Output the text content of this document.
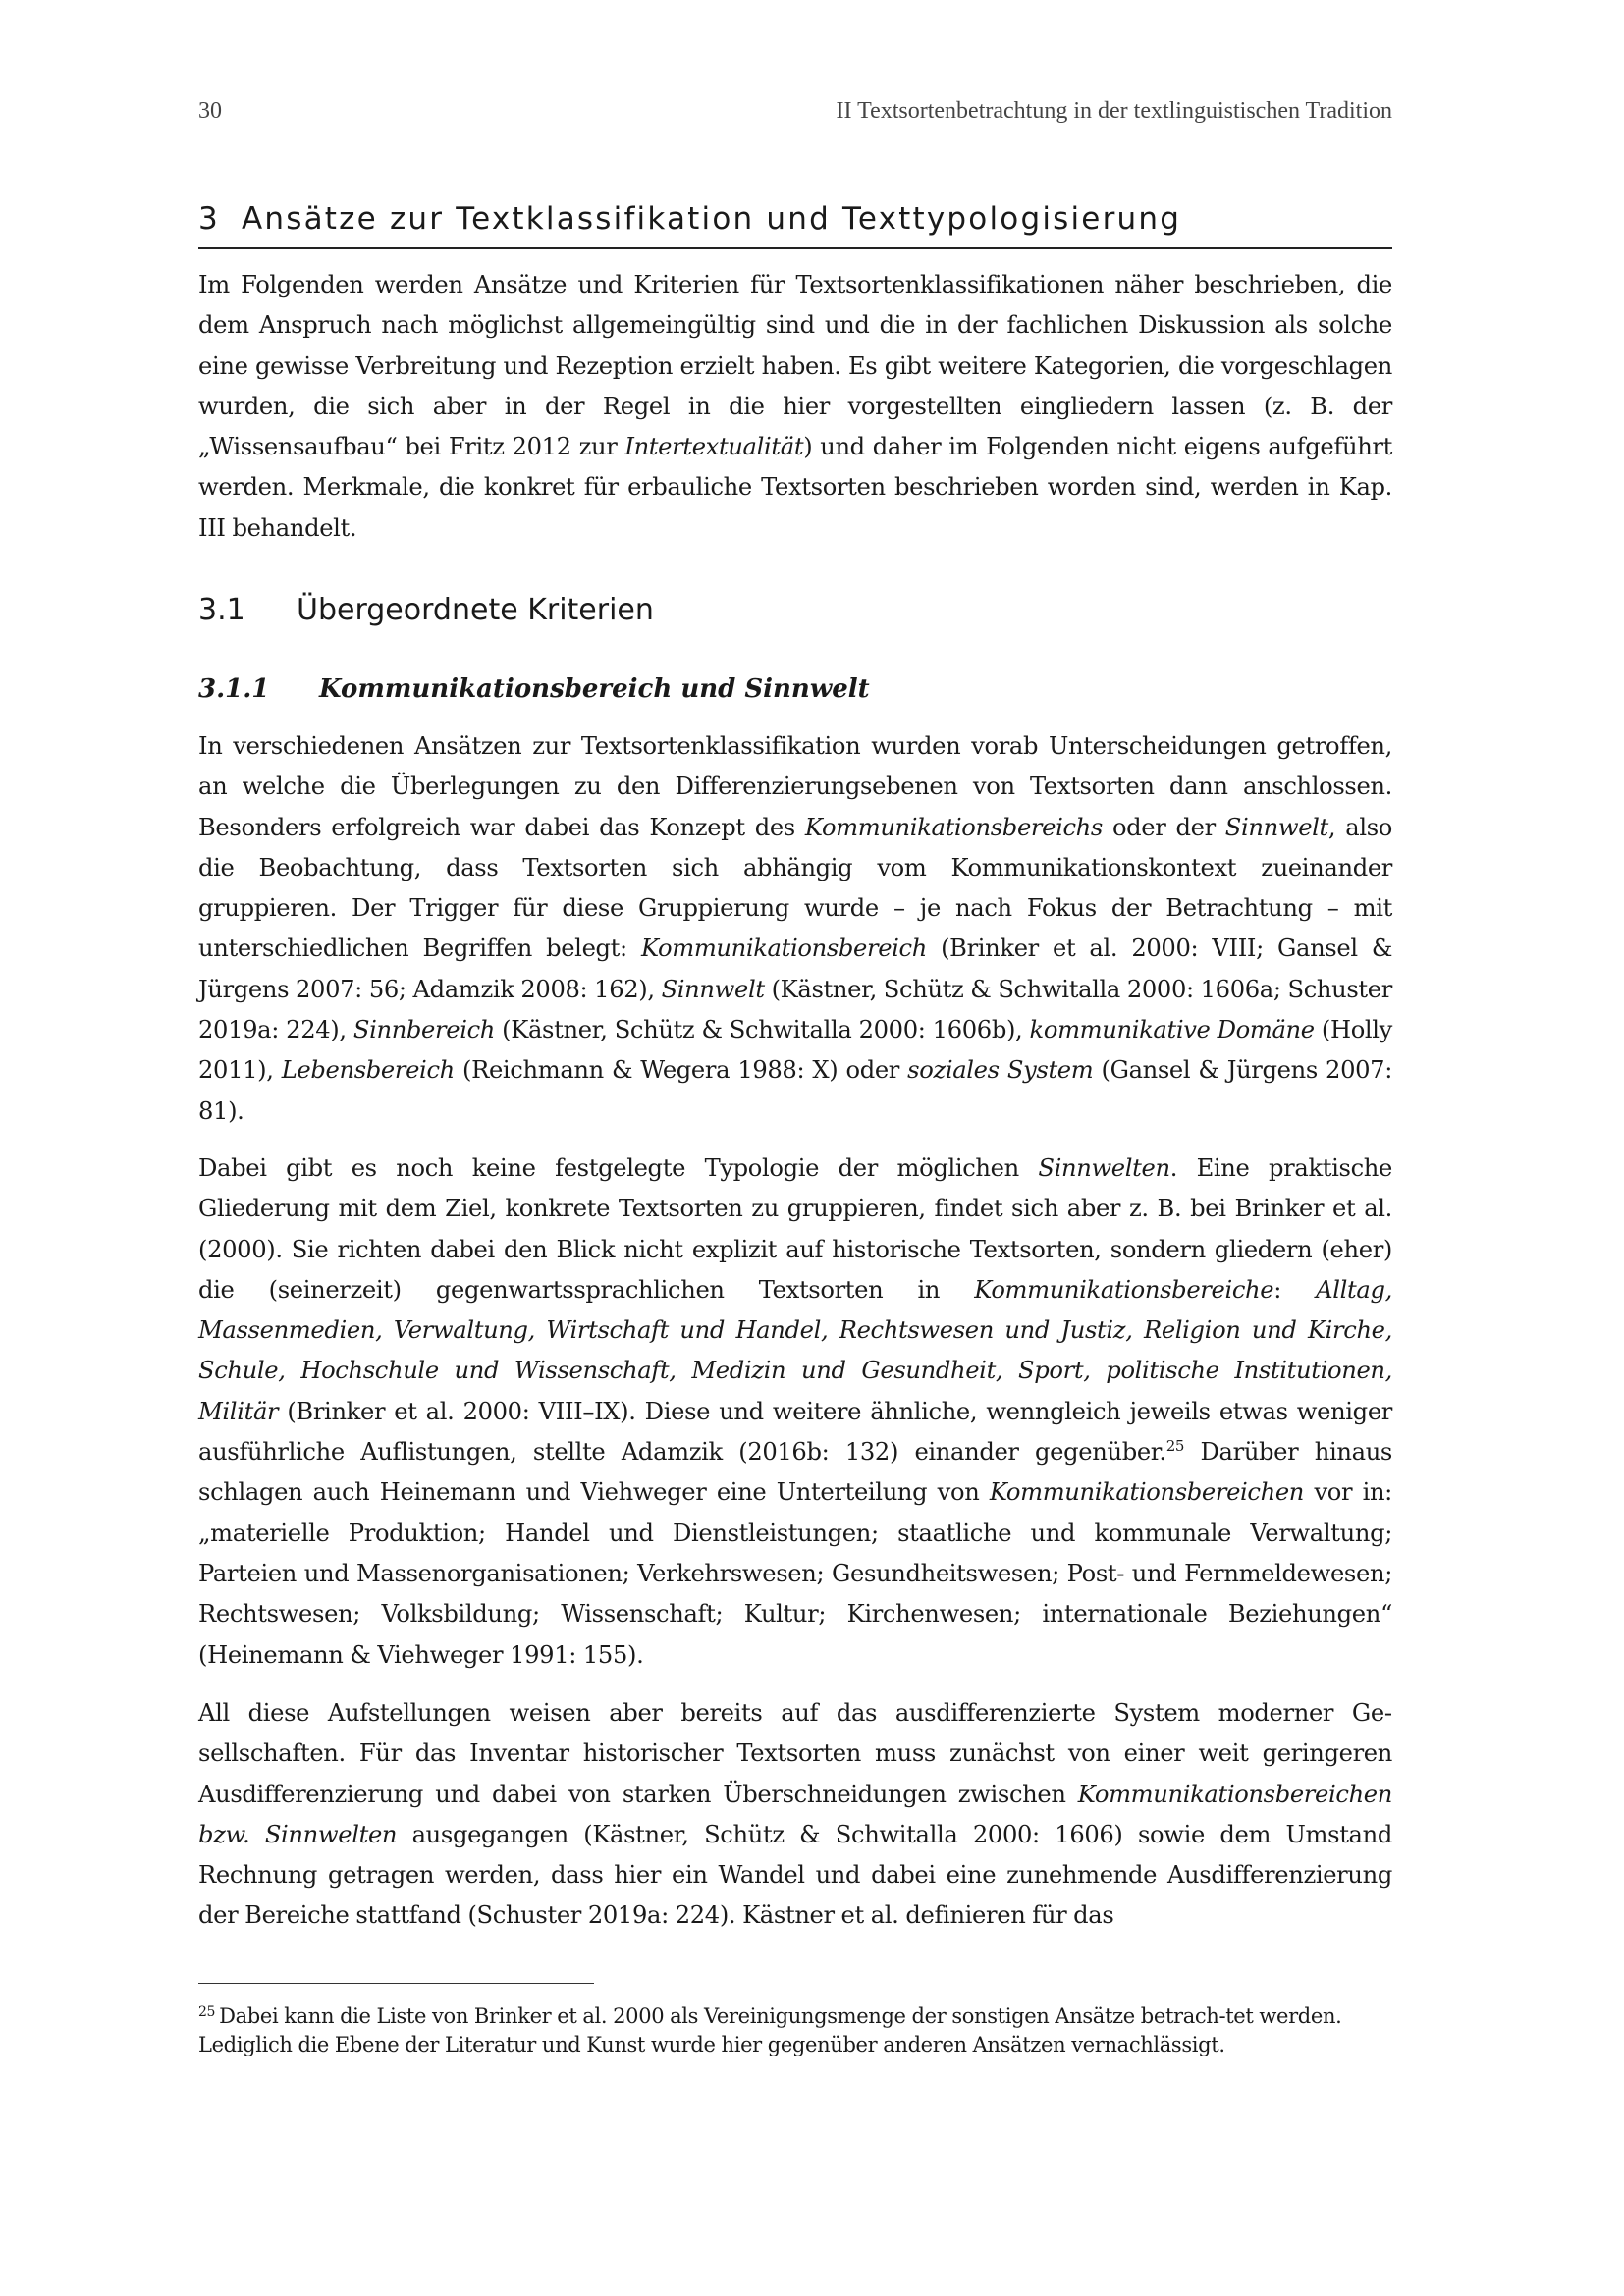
30	II Textsortenbetrachtung in der textlinguistischen Tradition
3 Ansätze zur Textklassifikation und Texttypologisierung

Im Folgenden werden Ansätze und Kriterien für Textsortenklassifikationen näher beschrieben, die dem Anspruch nach möglichst allgemeingültig sind und die in der fachlichen Diskussion als solche eine gewisse Verbreitung und Rezeption erzielt haben. Es gibt weitere Kategorien, die vorgeschlagen wurden, die sich aber in der Regel in die hier vorgestellten eingliedern lassen (z. B. der „Wissensaufbau“ bei Fritz 2012 zur Intertextualität) und daher im Folgenden nicht eigens aufgeführt werden. Merkmale, die konkret für erbauliche Textsorten beschrieben worden sind, werden in Kap. III behandelt.

3.1 Übergeordnete Kriterien
3.1.1 Kommunikationsbereich und Sinnwelt

In verschiedenen Ansätzen zur Textsortenklassifikation wurden vorab Unterscheidungen getroffen, an welche die Überlegungen zu den Differenzierungsebenen von Textsorten dann anschlossen. Besonders erfolgreich war dabei das Konzept des Kommunikationsbereichs oder der Sinnwelt, also die Beobachtung, dass Textsorten sich abhängig vom Kommunikationskontext zueinander gruppieren. Der Trigger für diese Gruppierung wurde – je nach Fokus der Betrachtung – mit unterschiedlichen Begriffen belegt: Kommunikationsbereich (Brinker et al. 2000: VIII; Gansel & Jürgens 2007: 56; Adamzik 2008: 162), Sinnwelt (Kästner, Schütz & Schwitalla 2000: 1606a; Schuster 2019a: 224), Sinnbereich (Kästner, Schütz & Schwitalla 2000: 1606b), kommunikative Domäne (Holly 2011), Lebensbereich (Reichmann & Wegera 1988: X) oder soziales System (Gansel & Jürgens 2007: 81).

Dabei gibt es noch keine festgelegte Typologie der möglichen Sinnwelten. Eine praktische Gliederung mit dem Ziel, konkrete Textsorten zu gruppieren, findet sich aber z. B. bei Brinker et al. (2000). Sie richten dabei den Blick nicht explizit auf historische Textsorten, sondern gliedern (eher) die (seinerzeit) gegenwartssprachlichen Textsorten in Kommunikationsbereiche: Alltag, Massenmedien, Verwaltung, Wirtschaft und Handel, Rechtswesen und Justiz, Religion und Kirche, Schule, Hochschule und Wissenschaft, Medizin und Gesundheit, Sport, politische Institutionen, Militär (Brinker et al. 2000: VIII–IX). Diese und weitere ähnliche, wenngleich jeweils etwas weniger ausführliche Auflistungen, stellte Adamzik (2016b: 132) einander gegenüber.$^{25}$ Darüber hinaus schlagen auch Heinemann und Viehweger eine Unterteilung von Kommunikationsbereichen vor in: „materielle Produktion; Handel und Dienstleistungen; staatliche und kommunale Verwaltung; Parteien und Massenorganisationen; Verkehrswesen; Gesundheitswesen; Post- und Fernmeldewesen; Rechtswesen; Volksbildung; Wissenschaft; Kultur; Kirchenwesen; internationale Beziehungen“ (Heinemann & Viehweger 1991: 155).

All diese Aufstellungen weisen aber bereits auf das ausdifferenzierte System moderner Gesellschaften. Für das Inventar historischer Textsorten muss zunächst von einer weit geringeren Ausdifferenzierung und dabei von starken Überschneidungen zwischen Kommunikationsbereichen bzw. Sinnwelten ausgegangen (Kästner, Schütz & Schwitalla 2000: 1606) sowie dem Umstand Rechnung getragen werden, dass hier ein Wandel und dabei eine zunehmende Ausdifferenzierung der Bereiche stattfand (Schuster 2019a: 224). Kästner et al. definieren für das

$^{25}$ Dabei kann die Liste von Brinker et al. 2000 als Vereinigungsmenge der sonstigen Ansätze betrach-tet werden. Lediglich die Ebene der Literatur und Kunst wurde hier gegenüber anderen Ansätzen vernachlässigt.
